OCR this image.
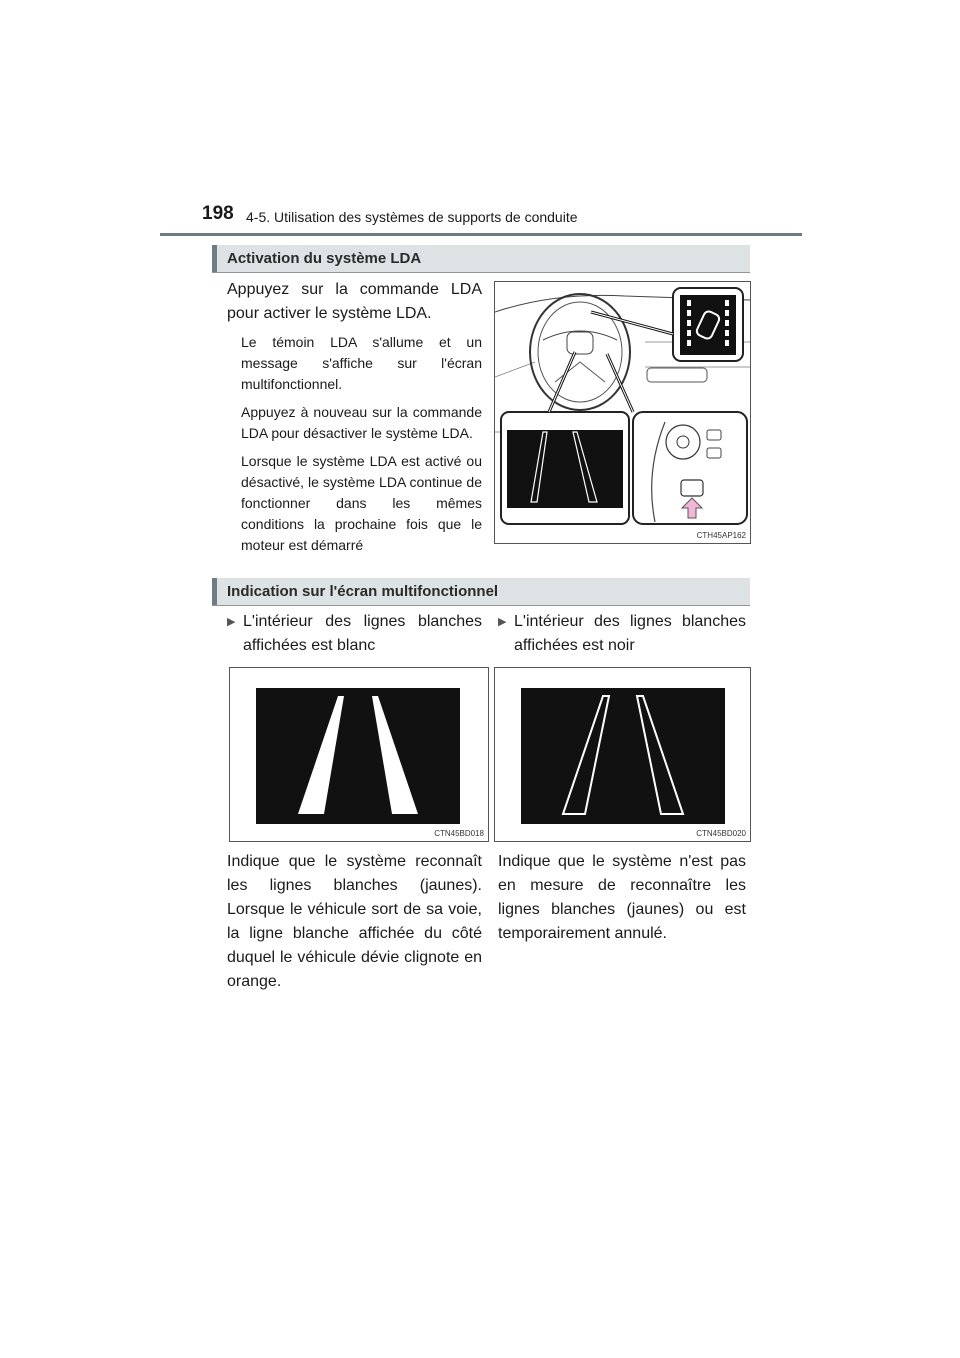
198 4-5. Utilisation des systèmes de supports de conduite
Activation du système LDA
Appuyez sur la commande LDA pour activer le système LDA.
Le témoin LDA s'allume et un message s'affiche sur l'écran multifonctionnel.
Appuyez à nouveau sur la commande LDA pour désactiver le système LDA.
Lorsque le système LDA est activé ou désactivé, le système LDA continue de fonctionner dans les mêmes conditions la prochaine fois que le moteur est démarré
CTH45AP162
Indication sur l'écran multifonctionnel
▶ L'intérieur des lignes blanches affichées est blanc
▶ L'intérieur des lignes blanches affichées est noir
CTN45BD018	CTN45BD020
Indique que le système reconnaît les lignes blanches (jaunes). Lorsque le véhicule sort de sa voie, la ligne blanche affichée du côté duquel le véhicule dévie clignote en orange.
Indique que le système n'est pas en mesure de reconnaître les lignes blanches (jaunes) ou est temporairement annulé.
